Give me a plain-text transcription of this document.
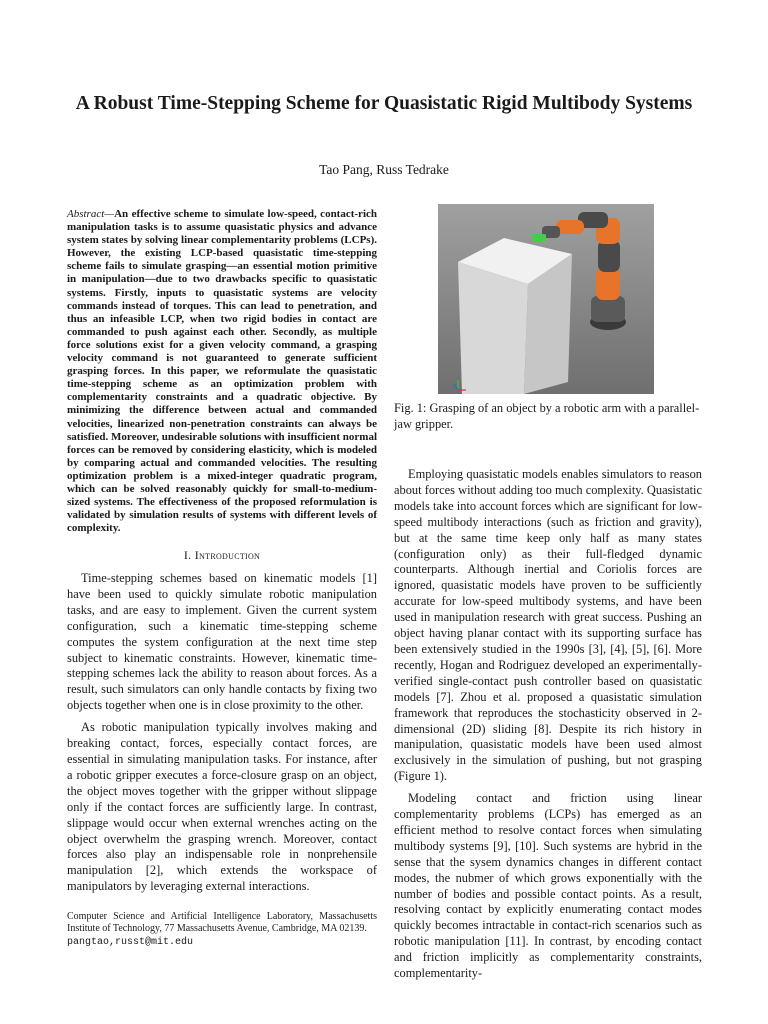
A Robust Time-Stepping Scheme for Quasistatic Rigid Multibody Systems
Tao Pang, Russ Tedrake
Abstract—An effective scheme to simulate low-speed, contact-rich manipulation tasks is to assume quasistatic physics and advance system states by solving linear complementarity problems (LCPs). However, the existing LCP-based quasistatic time-stepping scheme fails to simulate grasping—an essential motion primitive in manipulation—due to two drawbacks specific to quasistatic systems. Firstly, inputs to quasistatic systems are velocity commands instead of torques. This can lead to penetration, and thus an infeasible LCP, when two rigid bodies in contact are commanded to push against each other. Secondly, as multiple force solutions exist for a given velocity command, a grasping velocity command is not guaranteed to generate sufficient grasping forces. In this paper, we reformulate the quasistatic time-stepping scheme as an optimization problem with complementarity constraints and a quadratic objective. By minimizing the difference between actual and commanded velocities, linearized non-penetration constraints can always be satisfied. Moreover, undesirable solutions with insufficient normal forces can be removed by considering elasticity, which is modeled by comparing actual and commanded velocities. The resulting optimization problem is a mixed-integer quadratic program, which can be solved reasonably quickly for small-to-medium-sized systems. The effectiveness of the proposed reformulation is validated by simulation results of systems with different levels of complexity.
I. Introduction

Time-stepping schemes based on kinematic models [1] have been used to quickly simulate robotic manipulation tasks, and are easy to implement. Given the current system configuration, such a kinematic time-stepping scheme computes the system configuration at the next time step subject to kinematic constraints. However, kinematic time-stepping schemes lack the ability to reason about forces. As a result, such simulators can only handle contacts by fixing two objects together when one is in close proximity to the other.

As robotic manipulation typically involves making and breaking contact, forces, especially contact forces, are essential in simulating manipulation tasks. For instance, after a robotic gripper executes a force-closure grasp on an object, the object moves together with the gripper without slippage only if the contact forces are sufficiently large. In contrast, slippage would occur when external wrenches acting on the object overwhelm the grasping wrench. Moreover, contact forces also play an indispensable role in nonprehensile manipulation [2], which extends the workspace of manipulators by leveraging external interactions.

Computer Science and Artificial Intelligence Laboratory, Massachusetts Institute of Technology, 77 Massachusetts Avenue, Cambridge, MA 02139.
pangtao,russt@mit.edu
Fig. 1: Grasping of an object by a robotic arm with a parallel-jaw gripper.

Employing quasistatic models enables simulators to reason about forces without adding too much complexity. Quasistatic models take into account forces which are significant for low-speed multibody interactions (such as friction and gravity), but at the same time keep only half as many states (configuration only) as their full-fledged dynamic counterparts. Although inertial and Coriolis forces are ignored, quasistatic models have proven to be sufficiently accurate for low-speed multibody systems, and have been used in manipulation research with great success. Pushing an object having planar contact with its supporting surface has been extensively studied in the 1990s [3], [4], [5], [6]. More recently, Hogan and Rodriguez developed an experimentally-verified single-contact push controller based on quasistatic models [7]. Zhou et al. proposed a quasistatic simulation framework that reproduces the stochasticity observed in 2-dimensional (2D) sliding [8]. Despite its rich history in manipulation, quasistatic models have been used almost exclusively in the simulation of pushing, but not grasping (Figure 1).

Modeling contact and friction using linear complementarity problems (LCPs) has emerged as an efficient method to resolve contact forces when simulating multibody systems [9], [10]. Such systems are hybrid in the sense that the sysem dynamics changes in different contact modes, the nubmer of which grows exponentially with the number of bodies and possible contact points. As a result, resolving contact by explicitly enumerating contact modes quickly becomes intractable in contact-rich scenarios such as robotic manipulation [11]. In contrast, by encoding contact and friction implicitly as complementarity constraints, complementarity-
